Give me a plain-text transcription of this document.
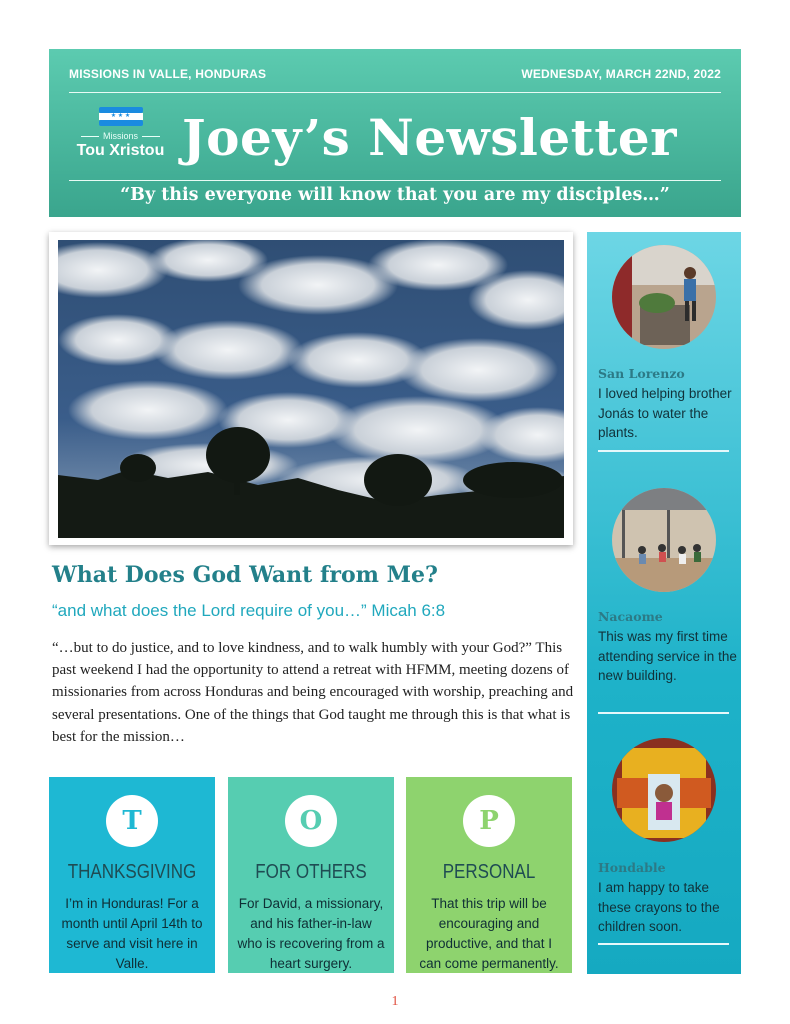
MISSIONS IN VALLE, HONDURAS	WEDNESDAY, MARCH 22ND, 2022
★ ★ ★
Missions
Tou Xristou Joey’s Newsletter
“By this everyone will know that you are my disciples…”
What Does God Want from Me?
“and what does the Lord require of you…” Micah 6:8
“…but to do justice, and to love kindness, and to walk humbly with your God?” This past weekend I had the opportunity to attend a retreat with HFMM, meeting dozens of missionaries from across Honduras and being encouraged with worship, preaching and several presentations. One of the things that God taught me through this is that what is best for the mission…
T
THANKSGIVING
I’m in Honduras! For a month until April 14th to serve and visit here in Valle.
O
FOR OTHERS
For David, a missionary, and his father-in-law who is recovering from a heart surgery.
P
PERSONAL
That this trip will be encouraging and productive, and that I can come permanently.
San Lorenzo
I loved helping brother Jonás to water the plants.
Nacaome
This was my first time attending service in the new building.
Hondable
I am happy to take these crayons to the children soon.
1
